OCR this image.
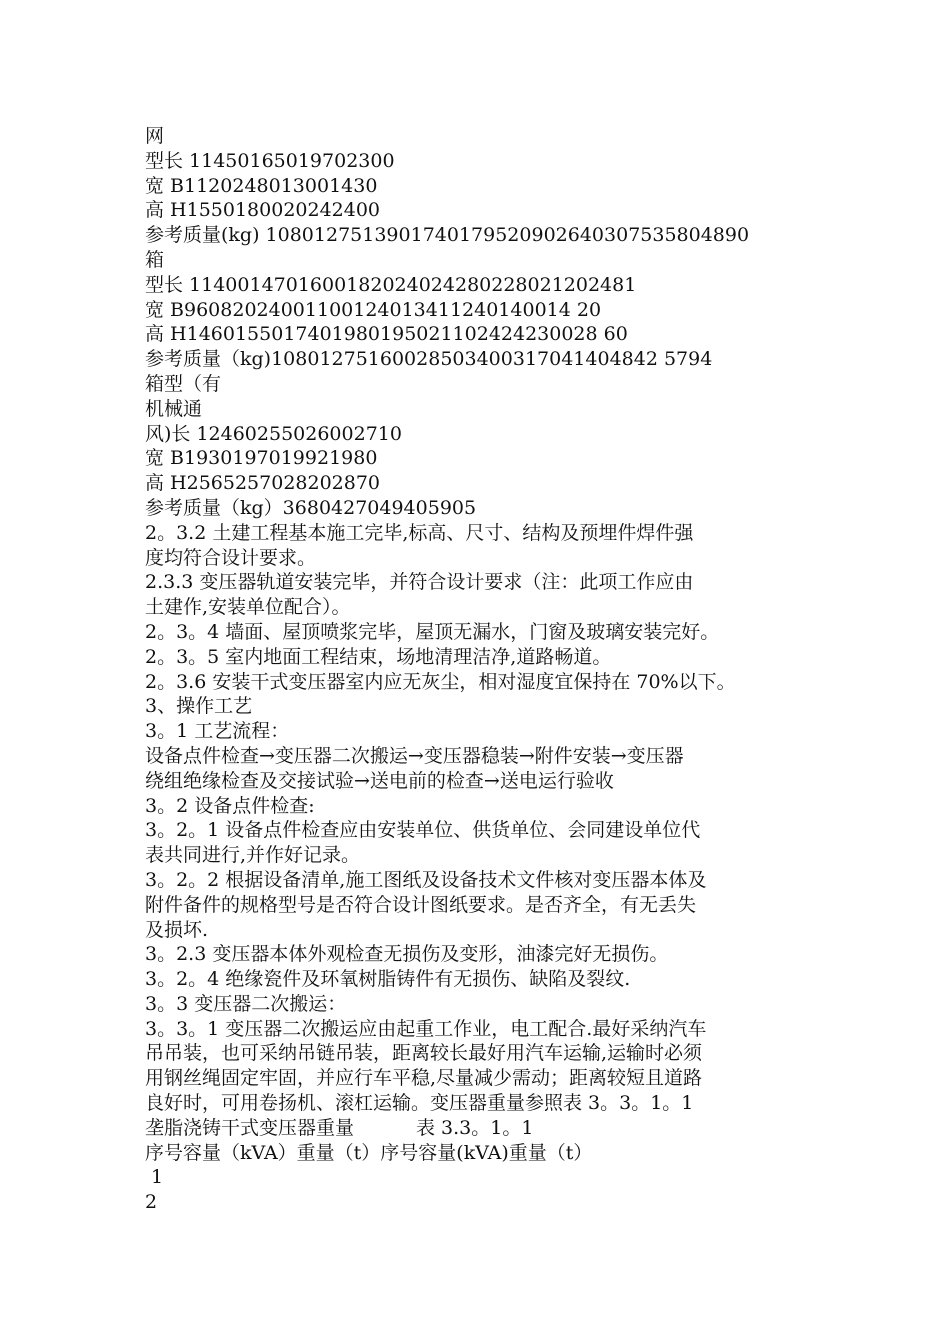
网
型长 11450165019702300
宽 B1120248013001430
高 H1550180020242400
参考质量(kg) 1080127513901740179520902640307535804890
箱
型长 1140014701600182024024280228021202481
宽 B96082024001100124013411240140014 20
高 H1460155017401980195021102424230028 60
参考质量（kg)10801275160028503400317041404842 5794
箱型（有
机械通
风)长 12460255026002710
宽 B1930197019921980
高 H2565257028202870
参考质量（kg）3680427049405905
2。3.2 土建工程基本施工完毕,标高、尺寸、结构及预埋件焊件强
度均符合设计要求。
2.3.3 变压器轨道安装完毕，并符合设计要求（注：此项工作应由
土建作,安装单位配合）。
2。3。4 墙面、屋顶喷浆完毕，屋顶无漏水，门窗及玻璃安装完好。
2。3。5 室内地面工程结束，场地清理洁净,道路畅道。
2。3.6 安装干式变压器室内应无灰尘，相对湿度宜保持在 70%以下。
3、操作工艺
3。1 工艺流程：
设备点件检查→变压器二次搬运→变压器稳装→附件安装→变压器
绕组绝缘检查及交接试验→送电前的检查→送电运行验收
3。2 设备点件检查:
3。2。1 设备点件检查应由安装单位、供货单位、会同建设单位代
表共同进行,并作好记录。
3。2。2 根据设备清单,施工图纸及设备技术文件核对变压器本体及
附件备件的规格型号是否符合设计图纸要求。是否齐全，有无丢失
及损坏.
3。2.3 变压器本体外观检查无损伤及变形，油漆完好无损伤。
3。2。4 绝缘瓷件及环氧树脂铸件有无损伤、缺陷及裂纹.
3。3 变压器二次搬运：
3。3。1 变压器二次搬运应由起重工作业，电工配合.最好采纳汽车
吊吊装，也可采纳吊链吊装，距离较长最好用汽车运输,运输时必须
用钢丝绳固定牢固，并应行车平稳,尽量减少需动；距离较短且道路
良好时，可用卷扬机、滚杠运输。变压器重量参照表 3。3。1。1
垄脂浇铸干式变压器重量	表 3.3。1。1
序号容量（kVA）重量（t）序号容量(kVA)重量（t）
1
2
